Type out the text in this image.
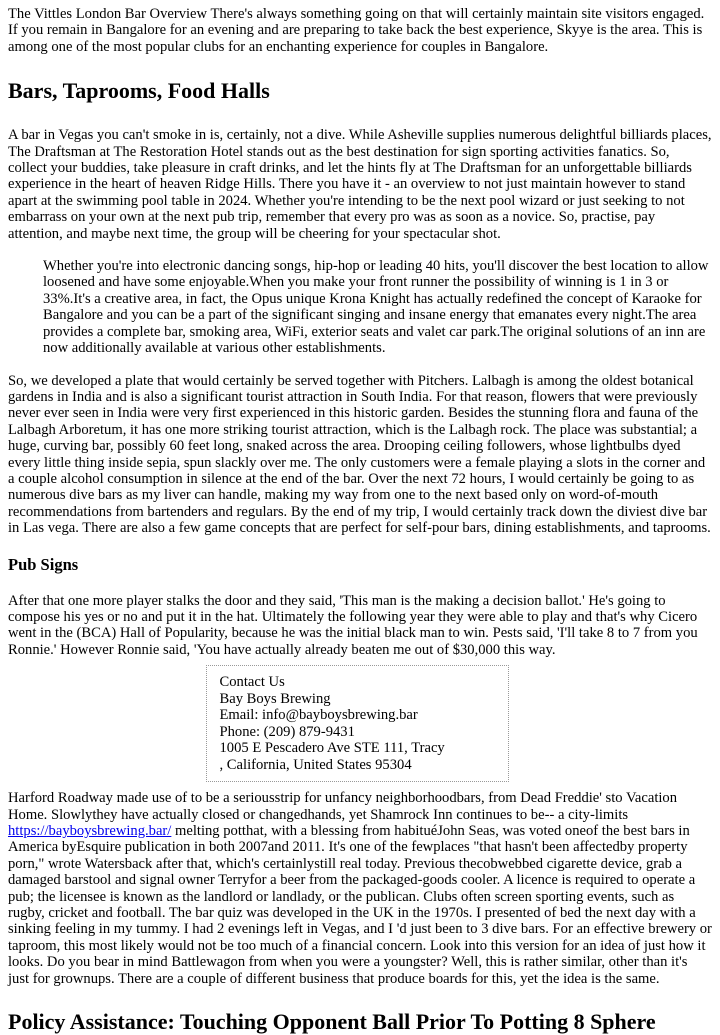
The Vittles London Bar Overview There's always something going on that will certainly maintain site visitors engaged. If you remain in Bangalore for an evening and are preparing to take back the best experience, Skyye is the area. This is among one of the most popular clubs for an enchanting experience for couples in Bangalore.

Bars, Taprooms, Food Halls

A bar in Vegas you can't smoke in is, certainly, not a dive. While Asheville supplies numerous delightful billiards places, The Draftsman at The Restoration Hotel stands out as the best destination for sign sporting activities fanatics. So, collect your buddies, take pleasure in craft drinks, and let the hints fly at The Draftsman for an unforgettable billiards experience in the heart of heaven Ridge Hills. There you have it - an overview to not just maintain however to stand apart at the swimming pool table in 2024. Whether you're intending to be the next pool wizard or just seeking to not embarrass on your own at the next pub trip, remember that every pro was as soon as a novice. So, practise, pay attention, and maybe next time, the group will be cheering for your spectacular shot.

Whether you're into electronic dancing songs, hip-hop or leading 40 hits, you'll discover the best location to allow loosened and have some enjoyable.When you make your front runner the possibility of winning is 1 in 3 or 33%.It's a creative area, in fact, the Opus unique Krona Knight has actually redefined the concept of Karaoke for Bangalore and you can be a part of the significant singing and insane energy that emanates every night.The area provides a complete bar, smoking area, WiFi, exterior seats and valet car park.The original solutions of an inn are now additionally available at various other establishments.

So, we developed a plate that would certainly be served together with Pitchers. Lalbagh is among the oldest botanical gardens in India and is also a significant tourist attraction in South India. For that reason, flowers that were previously never ever seen in India were very first experienced in this historic garden. Besides the stunning flora and fauna of the Lalbagh Arboretum, it has one more striking tourist attraction, which is the Lalbagh rock. The place was substantial; a huge, curving bar, possibly 60 feet long, snaked across the area. Drooping ceiling followers, whose lightbulbs dyed every little thing inside sepia, spun slackly over me. The only customers were a female playing a slots in the corner and a couple alcohol consumption in silence at the end of the bar. Over the next 72 hours, I would certainly be going to as numerous dive bars as my liver can handle, making my way from one to the next based only on word-of-mouth recommendations from bartenders and regulars. By the end of my trip, I would certainly track down the diviest dive bar in Las vega. There are also a few game concepts that are perfect for self-pour bars, dining establishments, and taprooms.

Pub Signs

After that one more player stalks the door and they said, 'This man is the making a decision ballot.' He's going to compose his yes or no and put it in the hat. Ultimately the following year they were able to play and that's why Cicero went in the (BCA) Hall of Popularity, because he was the initial black man to win. Pests said, 'I'll take 8 to 7 from you Ronnie.' However Ronnie said, 'You have actually already beaten me out of $30,000 this way.

Contact Us
Bay Boys Brewing
Email: info@bayboysbrewing.bar
Phone: (209) 879-9431
1005 E Pescadero Ave STE 111, Tracy
, California, United States 95304

Harford Roadway made use of to be a seriousstrip for unfancy neighborhoodbars, from Dead Freddie' sto Vacation Home. Slowlythey have actually closed or changedhands, yet Shamrock Inn continues to be-- a city-limits https://bayboysbrewing.bar/ melting potthat, with a blessing from habituéJohn Seas, was voted oneof the best bars in America byEsquire publication in both 2007and 2011. It's one of the fewplaces "that hasn't been affectedby property porn," wrote Watersback after that, which's certainlystill real today. Previous thecobwebbed cigarette device, grab a damaged barstool and signal owner Terryfor a beer from the packaged-goods cooler. A licence is required to operate a pub; the licensee is known as the landlord or landlady, or the publican. Clubs often screen sporting events, such as rugby, cricket and football. The bar quiz was developed in the UK in the 1970s. I presented of bed the next day with a sinking feeling in my tummy. I had 2 evenings left in Vegas, and I 'd just been to 3 dive bars. For an effective brewery or taproom, this most likely would not be too much of a financial concern. Look into this version for an idea of just how it looks. Do you bear in mind Battlewagon from when you were a youngster? Well, this is rather similar, other than it's just for grownups. There are a couple of different business that produce boards for this, yet the idea is the same.

Policy Assistance: Touching Opponent Ball Prior To Potting 8 Sphere
